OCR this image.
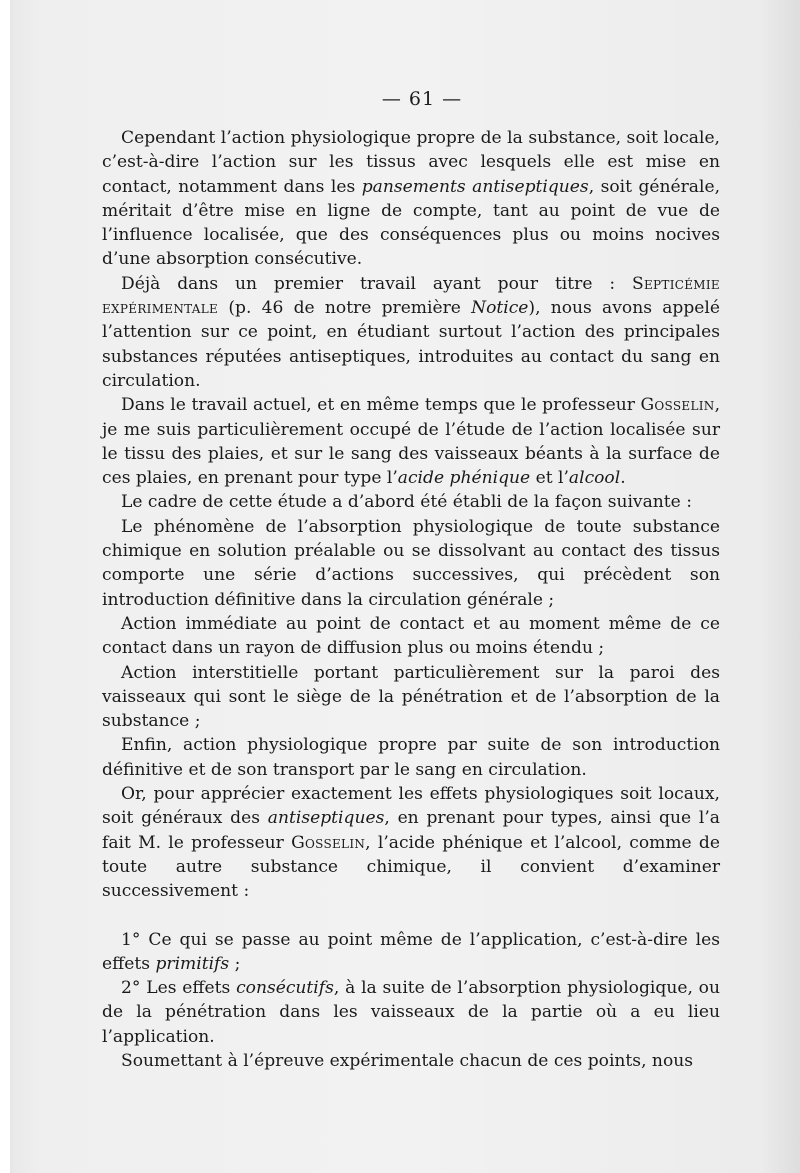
— 61 —

Cependant l’action physiologique propre de la substance, soit locale, c’est-à-dire l’action sur les tissus avec lesquels elle est mise en contact, notamment dans les pansements antiseptiques, soit générale, méritait d’être mise en ligne de compte, tant au point de vue de l’influence localisée, que des conséquences plus ou moins nocives d’une absorption consécutive.

Déjà dans un premier travail ayant pour titre : Septicémie expérimentale (p. 46 de notre première Notice), nous avons appelé l’attention sur ce point, en étudiant surtout l’action des principales substances réputées antiseptiques, introduites au contact du sang en circulation.

Dans le travail actuel, et en même temps que le professeur Gosselin, je me suis particulièrement occupé de l’étude de l’action localisée sur le tissu des plaies, et sur le sang des vaisseaux béants à la surface de ces plaies, en prenant pour type l’acide phénique et l’alcool.

Le cadre de cette étude a d’abord été établi de la façon suivante :

Le phénomène de l’absorption physiologique de toute substance chimique en solution préalable ou se dissolvant au contact des tissus comporte une série d’actions successives, qui précèdent son introduction définitive dans la circulation générale ;

Action immédiate au point de contact et au moment même de ce contact dans un rayon de diffusion plus ou moins étendu ;

Action interstitielle portant particulièrement sur la paroi des vaisseaux qui sont le siège de la pénétration et de l’absorption de la substance ;

Enfin, action physiologique propre par suite de son introduction définitive et de son transport par le sang en circulation.

Or, pour apprécier exactement les effets physiologiques soit locaux, soit généraux des antiseptiques, en prenant pour types, ainsi que l’a fait M. le professeur Gosselin, l’acide phénique et l’alcool, comme de toute autre substance chimique, il convient d’examiner successivement :

1° Ce qui se passe au point même de l’application, c’est-à-dire les effets primitifs ;

2° Les effets consécutifs, à la suite de l’absorption physiologique, ou de la pénétration dans les vaisseaux de la partie où a eu lieu l’application.

Soumettant à l’épreuve expérimentale chacun de ces points, nous
